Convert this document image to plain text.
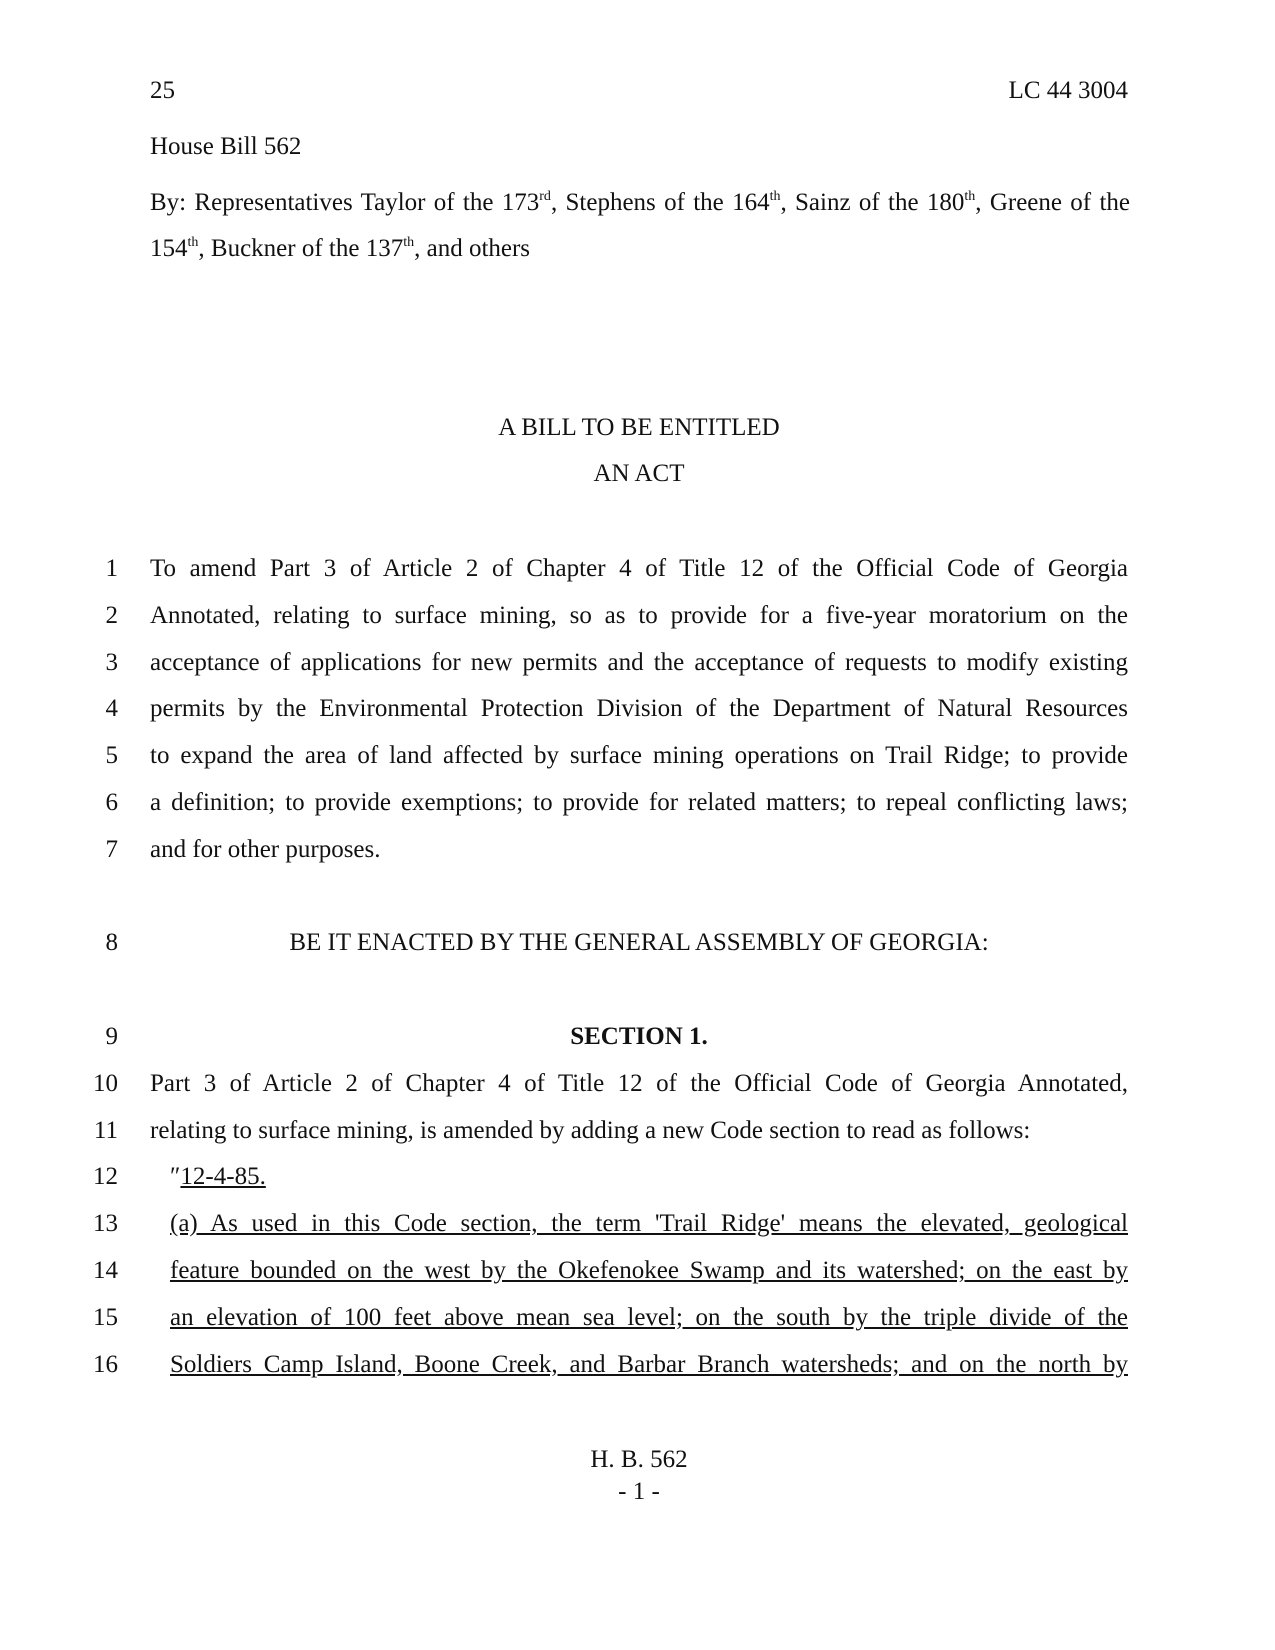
25	LC 44 3004
House Bill 562
By: Representatives Taylor of the 173rd, Stephens of the 164th, Sainz of the 180th, Greene of the 154th, Buckner of the 137th, and others
A BILL TO BE ENTITLED
AN ACT
1 To amend Part 3 of Article 2 of Chapter 4 of Title 12 of the Official Code of Georgia
2 Annotated, relating to surface mining, so as to provide for a five-year moratorium on the
3 acceptance of applications for new permits and the acceptance of requests to modify existing
4 permits by the Environmental Protection Division of the Department of Natural Resources
5 to expand the area of land affected by surface mining operations on Trail Ridge; to provide
6 a definition; to provide exemptions; to provide for related matters; to repeal conflicting laws;
7 and for other purposes.
8	BE IT ENACTED BY THE GENERAL ASSEMBLY OF GEORGIA:
9	SECTION 1.
10 Part 3 of Article 2 of Chapter 4 of Title 12 of the Official Code of Georgia Annotated,
11 relating to surface mining, is amended by adding a new Code section to read as follows:
12 ″12-4-85.
13 (a) As used in this Code section, the term 'Trail Ridge' means the elevated, geological
14 feature bounded on the west by the Okefenokee Swamp and its watershed; on the east by
15 an elevation of 100 feet above mean sea level; on the south by the triple divide of the
16 Soldiers Camp Island, Boone Creek, and Barbar Branch watersheds; and on the north by
H. B. 562
- 1 -
